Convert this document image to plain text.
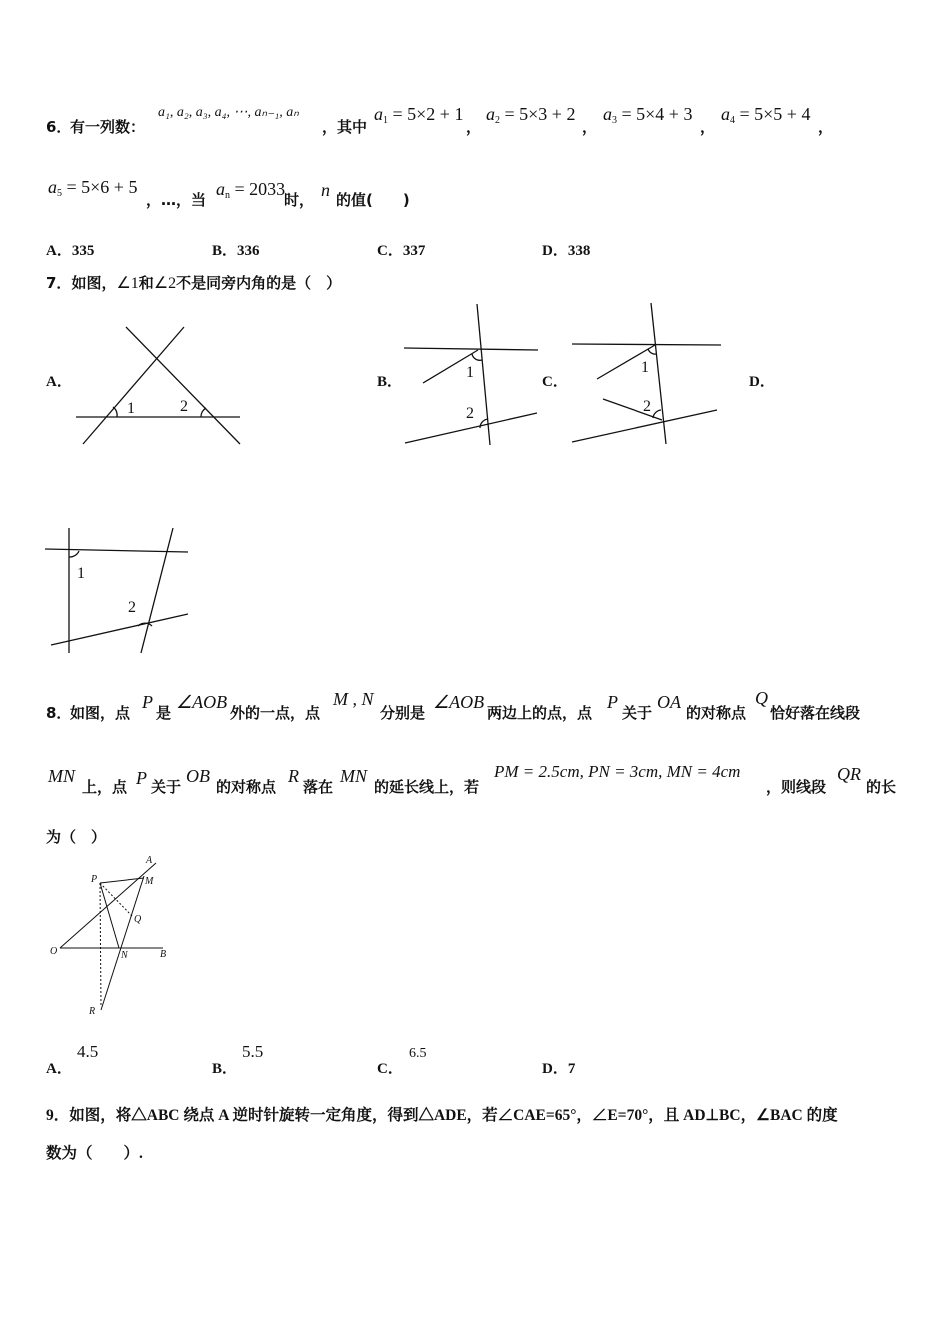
6．
有一列数：
a₁, a₂, a₃, a₄, ⋯, aₙ₋₁, aₙ
，其中
$a_1 = 5\times 2 + 1$
，
$a_2 = 5\times 3 + 2$
，
$a_3 = 5\times 4 + 3$
，
$a_4 = 5\times 5 + 4$
，
$a_5 = 5\times 6 + 5$
，…，当
$a_n = 2033$
时， n 的值(　　)
A．335	B．336	C．337	D．338
7．如图，∠1和∠2不是同旁内角的是（　）
A．	B．	C．	D．
1	2
1
2
1
2
1
2
8．
如图，点
P
是
∠AOB
外的一点，点
M , N
分别是
∠AOB
两边上的点，点
P
关于
OA
的对称点
Q
恰好落在线段
MN
上，点 P 关于
OB
的对称点
R
落在
MN
的延长线上，若
PM = 2.5cm, PN = 3cm, MN = 4cm
，则线段
QR
的长
为（　）
A
P	M
Q
O	N	B
R
A．
4.5
B．
5.5
C．
6.5
D．7
9．如图，将△ABC 绕点 A 逆时针旋转一定角度，得到△ADE，若∠CAE=65°，∠E=70°，且 AD⊥BC，∠BAC 的度
数为（　　）.
